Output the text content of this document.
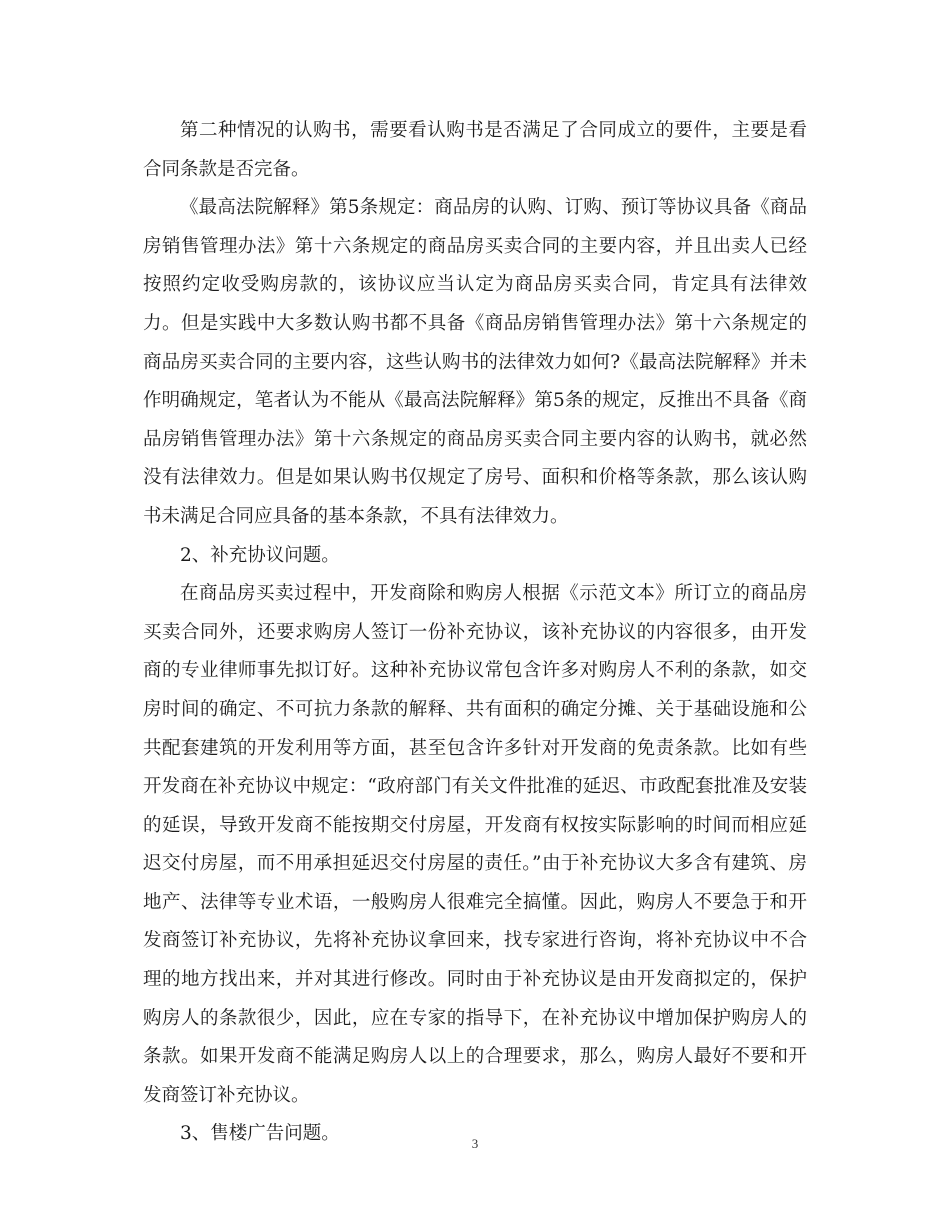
第二种情况的认购书，需要看认购书是否满足了合同成立的要件，主要是看合同条款是否完备。

《最高法院解释》第5条规定：商品房的认购、订购、预订等协议具备《商品房销售管理办法》第十六条规定的商品房买卖合同的主要内容，并且出卖人已经按照约定收受购房款的，该协议应当认定为商品房买卖合同，肯定具有法律效力。但是实践中大多数认购书都不具备《商品房销售管理办法》第十六条规定的商品房买卖合同的主要内容，这些认购书的法律效力如何?《最高法院解释》并未作明确规定，笔者认为不能从《最高法院解释》第5条的规定，反推出不具备《商品房销售管理办法》第十六条规定的商品房买卖合同主要内容的认购书，就必然没有法律效力。但是如果认购书仅规定了房号、面积和价格等条款，那么该认购书未满足合同应具备的基本条款，不具有法律效力。

2、补充协议问题。

在商品房买卖过程中，开发商除和购房人根据《示范文本》所订立的商品房买卖合同外，还要求购房人签订一份补充协议，该补充协议的内容很多，由开发商的专业律师事先拟订好。这种补充协议常包含许多对购房人不利的条款，如交房时间的确定、不可抗力条款的解释、共有面积的确定分摊、关于基础设施和公共配套建筑的开发利用等方面，甚至包含许多针对开发商的免责条款。比如有些开发商在补充协议中规定：“政府部门有关文件批准的延迟、市政配套批准及安装的延误，导致开发商不能按期交付房屋，开发商有权按实际影响的时间而相应延迟交付房屋，而不用承担延迟交付房屋的责任。”由于补充协议大多含有建筑、房地产、法律等专业术语，一般购房人很难完全搞懂。因此，购房人不要急于和开发商签订补充协议，先将补充协议拿回来，找专家进行咨询，将补充协议中不合理的地方找出来，并对其进行修改。同时由于补充协议是由开发商拟定的，保护购房人的条款很少，因此，应在专家的指导下，在补充协议中增加保护购房人的条款。如果开发商不能满足购房人以上的合理要求，那么，购房人最好不要和开发商签订补充协议。

3、售楼广告问题。	3
